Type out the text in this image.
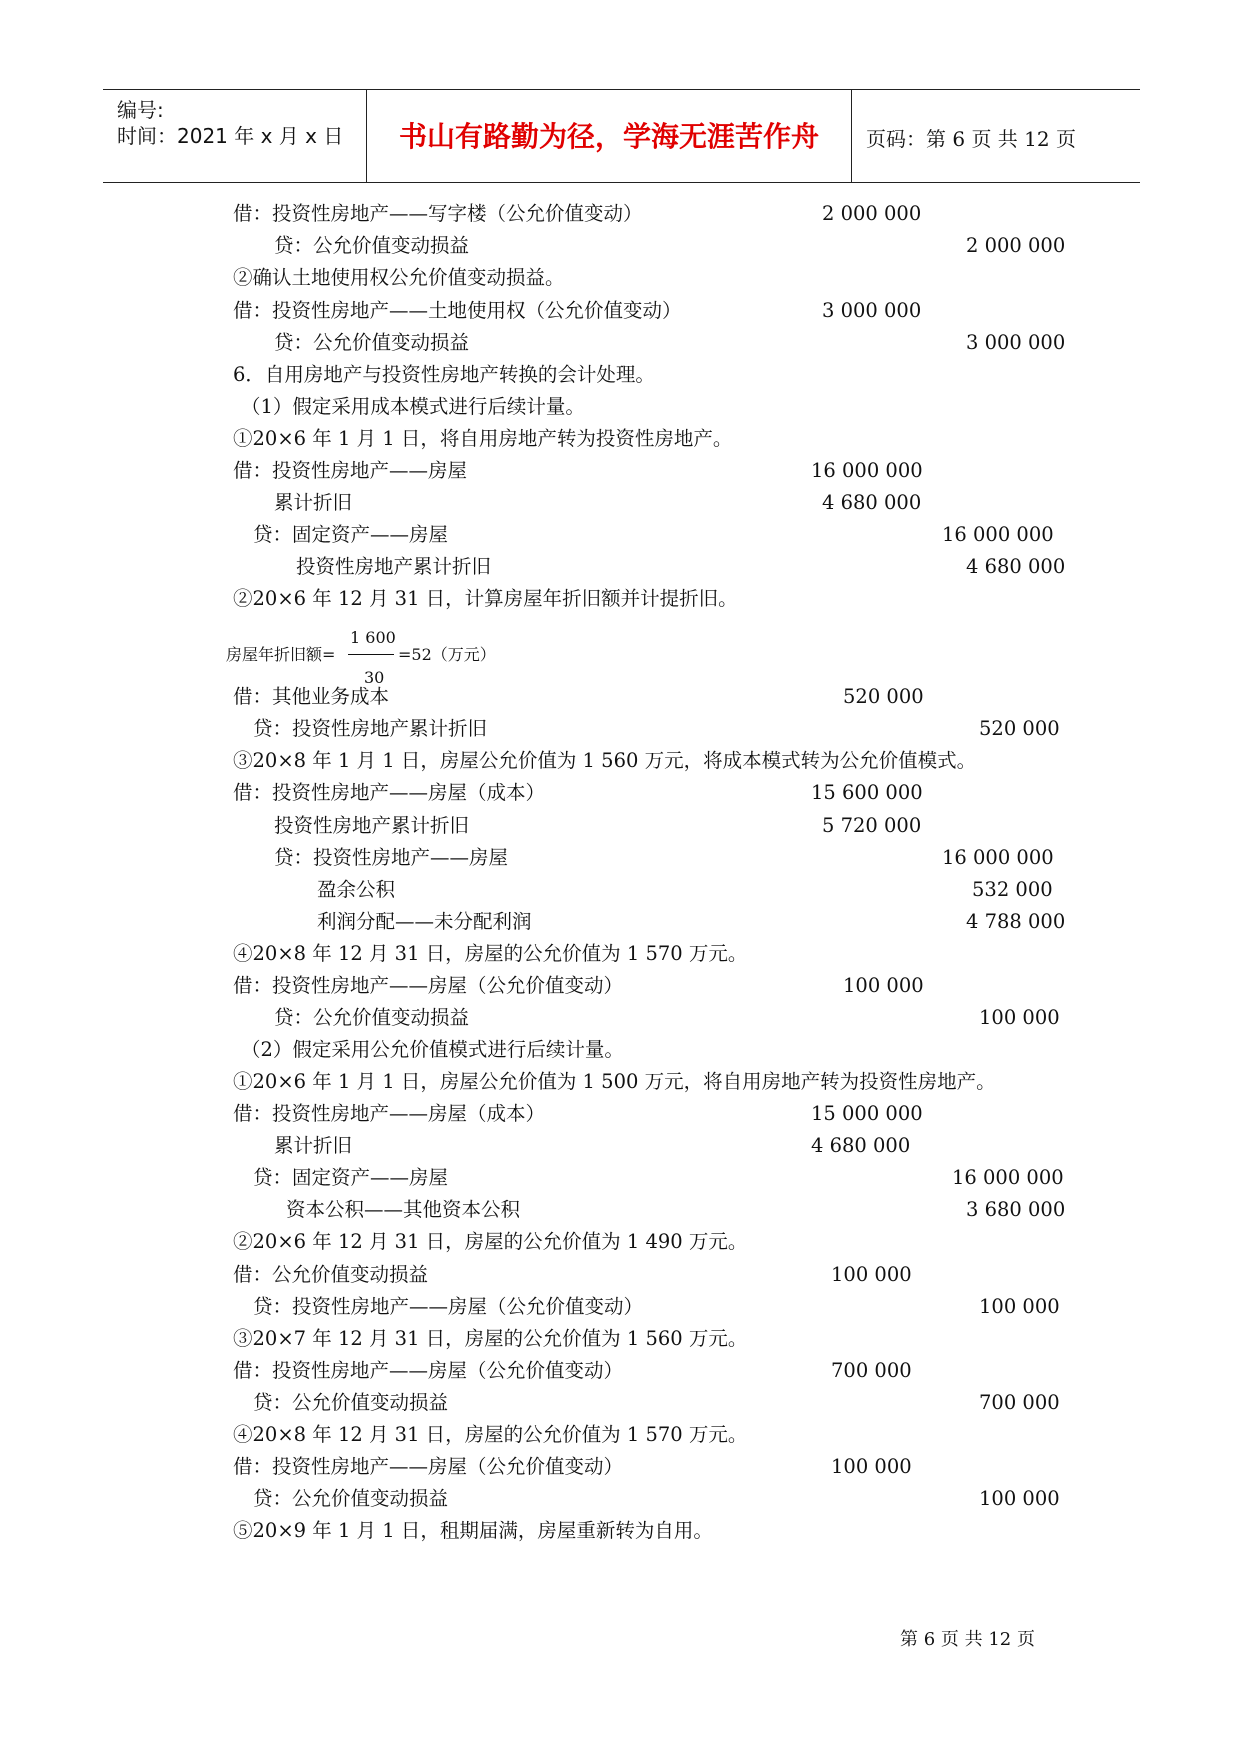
编号:
时间：2021 年 x 月 x 日	书山有路勤为径，学海无涯苦作舟	页码：第 6 页 共 12 页
借：投资性房地产——写字楼（公允价值变动）	2 000 000
贷：公允价值变动损益	2 000 000
②确认土地使用权公允价值变动损益。
借：投资性房地产——土地使用权（公允价值变动）	3 000 000
贷：公允价值变动损益	3 000 000
6．自用房地产与投资性房地产转换的会计处理。
（1）假定采用成本模式进行后续计量。
①20×6 年 1 月 1 日，将自用房地产转为投资性房地产。
借：投资性房地产——房屋	16 000 000
累计折旧	4 680 000
贷：固定资产——房屋	16 000 000
投资性房地产累计折旧	4 680 000
②20×6 年 12 月 31 日，计算房屋年折旧额并计提折旧。
借：其他业务成本	520 000
贷：投资性房地产累计折旧	520 000
③20×8 年 1 月 1 日，房屋公允价值为 1 560 万元，将成本模式转为公允价值模式。
借：投资性房地产——房屋（成本）	15 600 000
投资性房地产累计折旧	5 720 000
贷：投资性房地产——房屋	16 000 000
盈余公积	532 000
利润分配——未分配利润	4 788 000
④20×8 年 12 月 31 日，房屋的公允价值为 1 570 万元。
借：投资性房地产——房屋（公允价值变动）	100 000
贷：公允价值变动损益	100 000
（2）假定采用公允价值模式进行后续计量。
①20×6 年 1 月 1 日，房屋公允价值为 1 500 万元，将自用房地产转为投资性房地产。
借：投资性房地产——房屋（成本）	15 000 000
累计折旧	4 680 000
贷：固定资产——房屋	16 000 000
资本公积——其他资本公积	3 680 000
②20×6 年 12 月 31 日，房屋的公允价值为 1 490 万元。
借：公允价值变动损益	100 000
贷：投资性房地产——房屋（公允价值变动）	100 000
③20×7 年 12 月 31 日，房屋的公允价值为 1 560 万元。
借：投资性房地产——房屋（公允价值变动）	700 000
贷：公允价值变动损益	700 000
④20×8 年 12 月 31 日，房屋的公允价值为 1 570 万元。
借：投资性房地产——房屋（公允价值变动）	100 000
贷：公允价值变动损益	100 000
⑤20×9 年 1 月 1 日，租期届满，房屋重新转为自用。
房屋年折旧额=
1 600
30
=52（万元）
第 6 页 共 12 页
